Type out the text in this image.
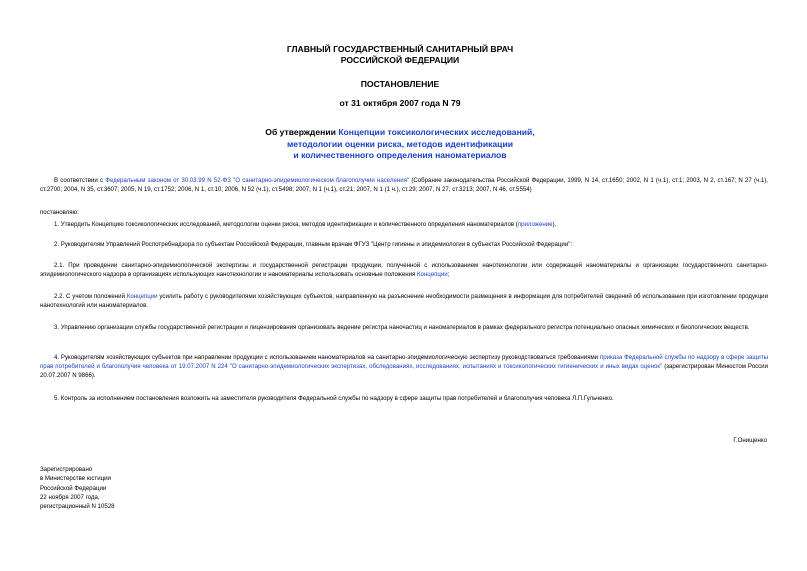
ГЛАВНЫЙ ГОСУДАРСТВЕННЫЙ САНИТАРНЫЙ ВРАЧ
РОССИЙСКОЙ ФЕДЕРАЦИИ
ПОСТАНОВЛЕНИЕ
от 31 октября 2007 года N 79
Об утверждении Концепции токсикологических исследований,
методологии оценки риска, методов идентификации
и количественного определения наноматериалов
В соответствии с Федеральным законом от 30.03.99 N 52-ФЗ "О санитарно-эпидемиологическом благополучии населения" (Собрание законодательства Российской Федерации, 1999, N 14, ст.1650; 2002, N 1 (ч.1), ст.1; 2003, N 2, ст.167; N 27 (ч.1), ст.2700; 2004, N 35, ст.3607; 2005, N 19, ст.1752; 2006, N 1, ст.10; 2006, N 52 (ч.1), ст.5498; 2007, N 1 (ч.1), ст.21; 2007, N 1 (1 ч.), ст.29; 2007, N 27, ст.3213; 2007, N 46, ст.5554)
постановляю:
1. Утвердить Концепцию токсикологических исследований, методологии оценки риска, методов идентификации и количественного определения наноматериалов (приложение).
2. Руководителям Управлений Роспотребнадзора по субъектам Российской Федерации, главным врачам ФГУЗ "Центр гигиены и эпидемиологии в субъектах Российской Федерации":
2.1. При проведении санитарно-эпидемиологической экспертизы и государственной регистрации продукции, полученной с использованием нанотехнологии или содержащей наноматериалы и организации государственного санитарно-эпидемиологического надзора в организациях использующих нанотехнологии и наноматериалы использовать основные положения Концепции;
2.2. С учетом положений Концепции усилить работу с руководителями хозяйствующих субъектов, направленную на разъяснение необходимости размещения в информации для потребителей сведений об использовании при изготовлении продукции нанотехнологий или наноматериалов.
3. Управлению организации службы государственной регистрации и лицензирования организовать ведение регистра наночастиц и наноматериалов в рамках федерального регистра потенциально опасных химических и биологических веществ.
4. Руководителям хозяйствующих субъектов при направлении продукции с использованием наноматериалов на санитарно-эпидемиологическую экспертизу руководствоваться требованиями приказа Федеральной службы по надзору в сфере защиты прав потребителей и благополучия человека от 19.07.2007 N 224 "О санитарно-эпидемиологических экспертизах, обследованиях, исследованиях, испытаниях и токсикологических гигиенических и иных видах оценок" (зарегистрирован Минюстом России 20.07.2007 N 9866).
5. Контроль за исполнением постановления возложить на заместителя руководителя Федеральной службы по надзору в сфере защиты прав потребителей и благополучия человека Л.П.Гульченко.
Г.Онищенко
Зарегистрировано
в Министерстве юстиции
Российской Федерации
22 ноября 2007 года,
регистрационный N 10528
